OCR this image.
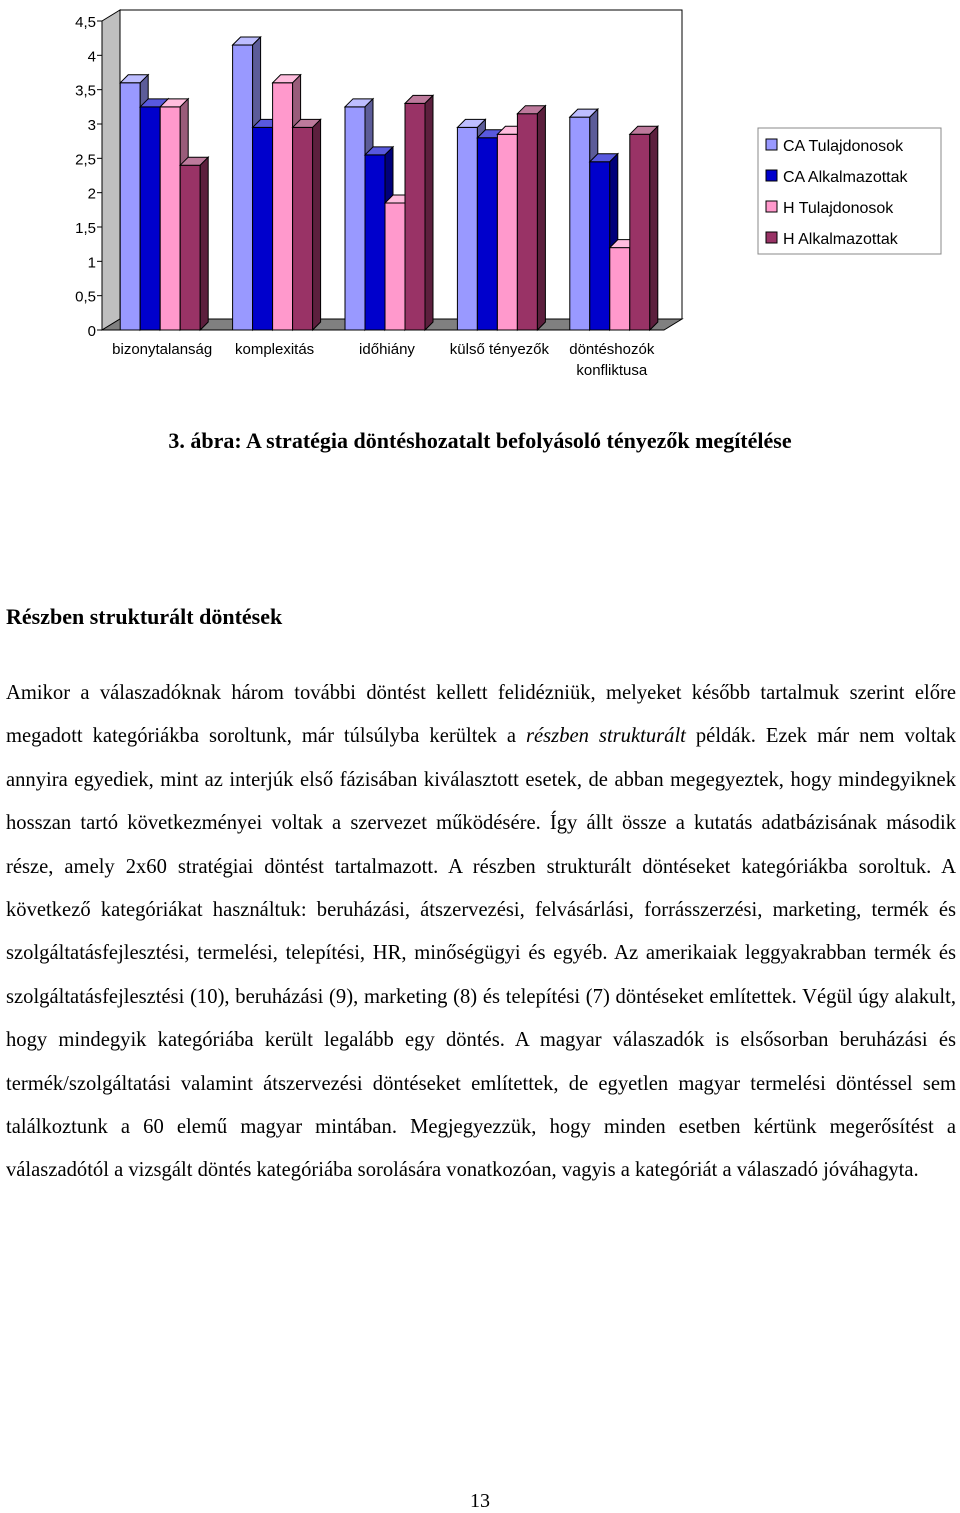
0
0,5
1
1,5
2
2,5
3
3,5
4
4,5
bizonytalanság komplexitás	időhiány külső tényezők döntéshozók
konfliktusa
CA Tulajdonosok
CA Alkalmazottak
H Tulajdonosok
H Alkalmazottak
3. ábra: A stratégia döntéshozatalt befolyásoló tényezők megítélése
Részben strukturált döntések

Amikor a válaszadóknak három további döntést kellett felidézniük, melyeket később tartalmuk szerint előre megadott kategóriákba soroltunk, már túlsúlyba kerültek a részben strukturált példák. Ezek már nem voltak annyira egyediek, mint az interjúk első fázisában kiválasztott esetek, de abban megegyeztek, hogy mindegyiknek hosszan tartó következményei voltak a szervezet működésére. Így állt össze a kutatás adatbázisának második része, amely 2x60 stratégiai döntést tartalmazott. A részben strukturált döntéseket kategóriákba soroltuk. A következő kategóriákat használtuk: beruházási, átszervezési, felvásárlási, forrásszerzési, marketing, termék és szolgáltatásfejlesztési, termelési, telepítési, HR, minőségügyi és egyéb. Az amerikaiak leggyakrabban termék és szolgáltatásfejlesztési (10), beruházási (9), marketing (8) és telepítési (7) döntéseket említettek. Végül úgy alakult, hogy mindegyik kategóriába került legalább egy döntés. A magyar válaszadók is elsősorban beruházási és termék/szolgáltatási valamint átszervezési döntéseket említettek, de egyetlen magyar termelési döntéssel sem találkoztunk a 60 elemű magyar mintában. Megjegyezzük, hogy minden esetben kértünk megerősítést a válaszadótól a vizsgált döntés kategóriába sorolására vonatkozóan, vagyis a kategóriát a válaszadó jóváhagyta.

13
